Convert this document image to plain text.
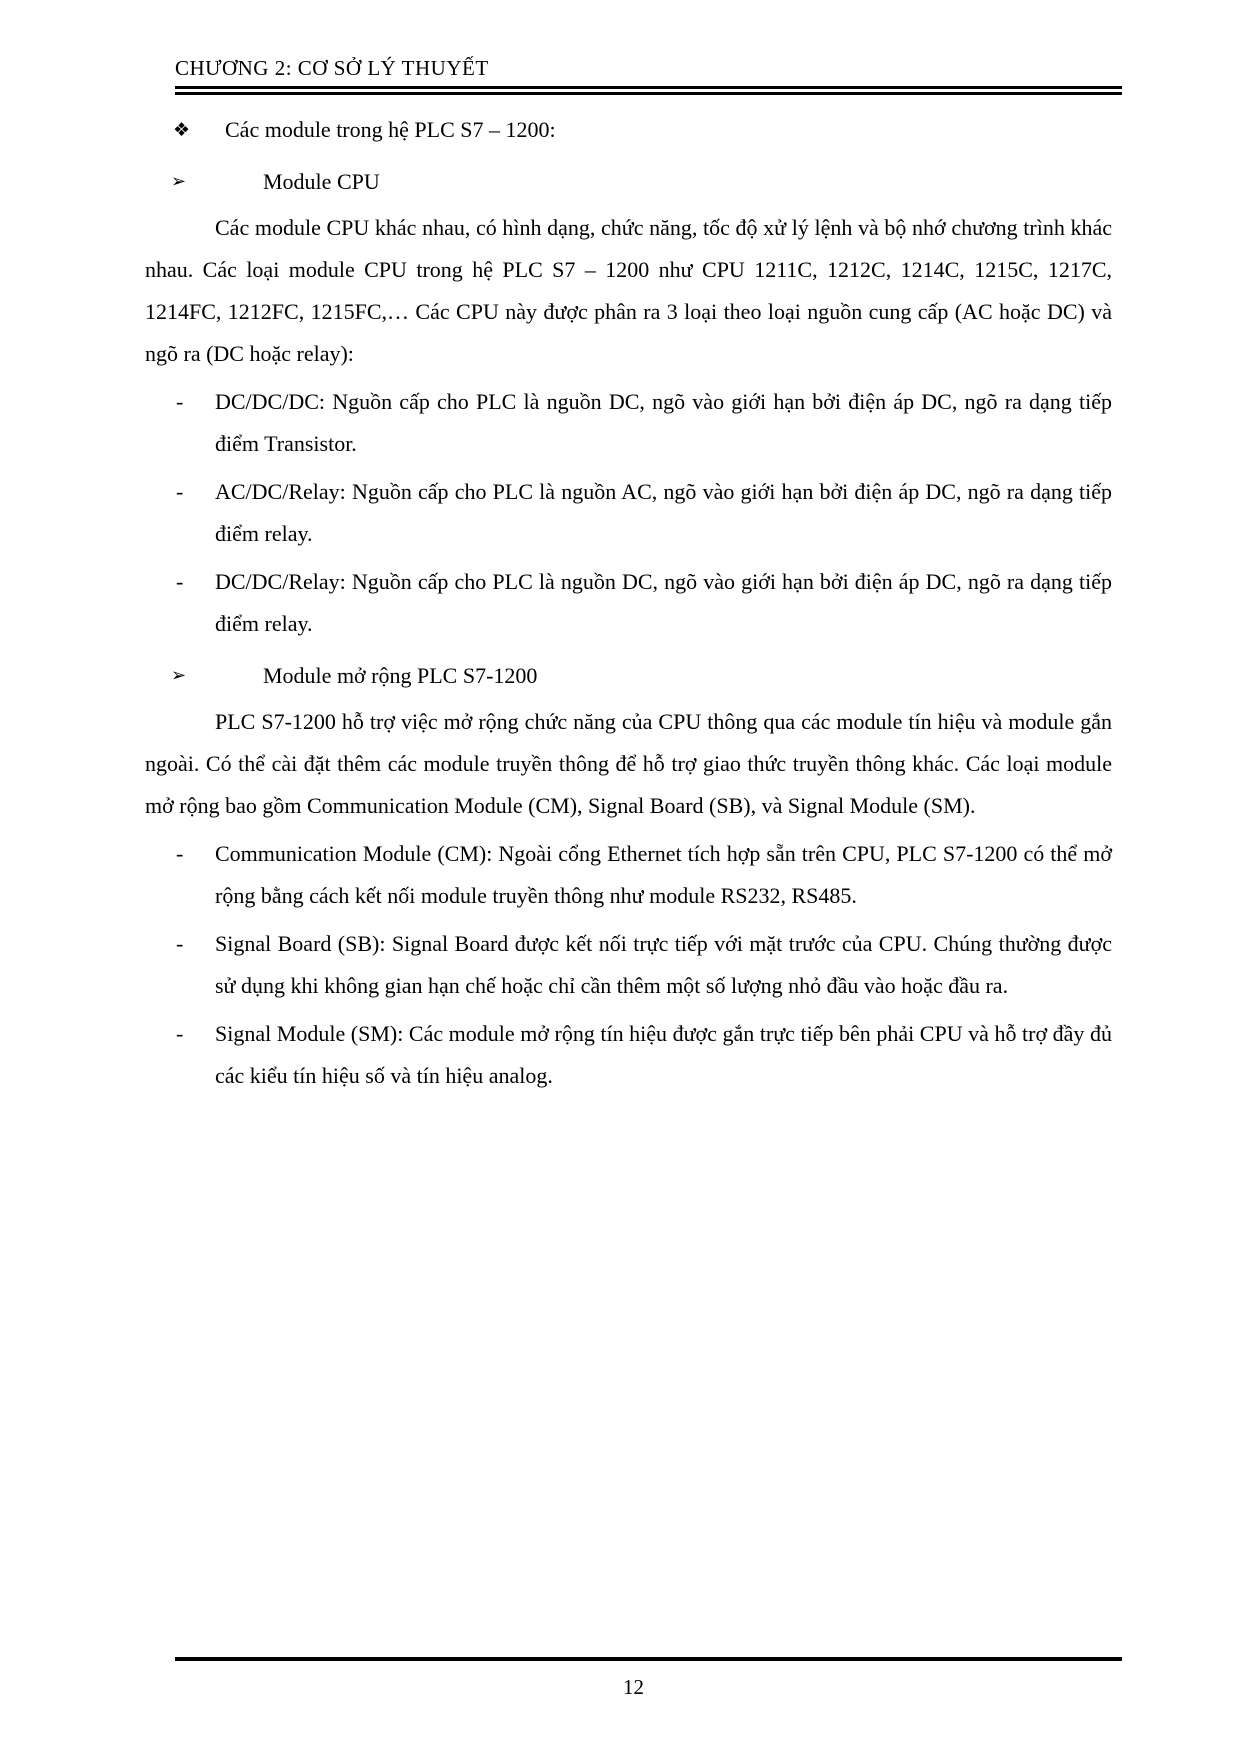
CHƯƠNG 2: CƠ SỞ LÝ THUYẾT
❖ Các module trong hệ PLC S7 – 1200:
➢	Module CPU
Các module CPU khác nhau, có hình dạng, chức năng, tốc độ xử lý lệnh và bộ nhớ chương trình khác nhau. Các loại module CPU trong hệ PLC S7 – 1200 như CPU 1211C, 1212C, 1214C, 1215C, 1217C, 1214FC, 1212FC, 1215FC,… Các CPU này được phân ra 3 loại theo loại nguồn cung cấp (AC hoặc DC) và ngõ ra (DC hoặc relay):
- DC/DC/DC: Nguồn cấp cho PLC là nguồn DC, ngõ vào giới hạn bởi điện áp DC, ngõ ra dạng tiếp điểm Transistor.
- AC/DC/Relay: Nguồn cấp cho PLC là nguồn AC, ngõ vào giới hạn bởi điện áp DC, ngõ ra dạng tiếp điểm relay.
- DC/DC/Relay: Nguồn cấp cho PLC là nguồn DC, ngõ vào giới hạn bởi điện áp DC, ngõ ra dạng tiếp điểm relay.
➢	Module mở rộng PLC S7-1200
PLC S7-1200 hỗ trợ việc mở rộng chức năng của CPU thông qua các module tín hiệu và module gắn ngoài. Có thể cài đặt thêm các module truyền thông để hỗ trợ giao thức truyền thông khác. Các loại module mở rộng bao gồm Communication Module (CM), Signal Board (SB), và Signal Module (SM).
- Communication Module (CM): Ngoài cổng Ethernet tích hợp sẵn trên CPU, PLC S7-1200 có thể mở rộng bằng cách kết nối module truyền thông như module RS232, RS485.
- Signal Board (SB): Signal Board được kết nối trực tiếp với mặt trước của CPU. Chúng thường được sử dụng khi không gian hạn chế hoặc chỉ cần thêm một số lượng nhỏ đầu vào hoặc đầu ra.
- Signal Module (SM): Các module mở rộng tín hiệu được gắn trực tiếp bên phải CPU và hỗ trợ đầy đủ các kiểu tín hiệu số và tín hiệu analog.
12
